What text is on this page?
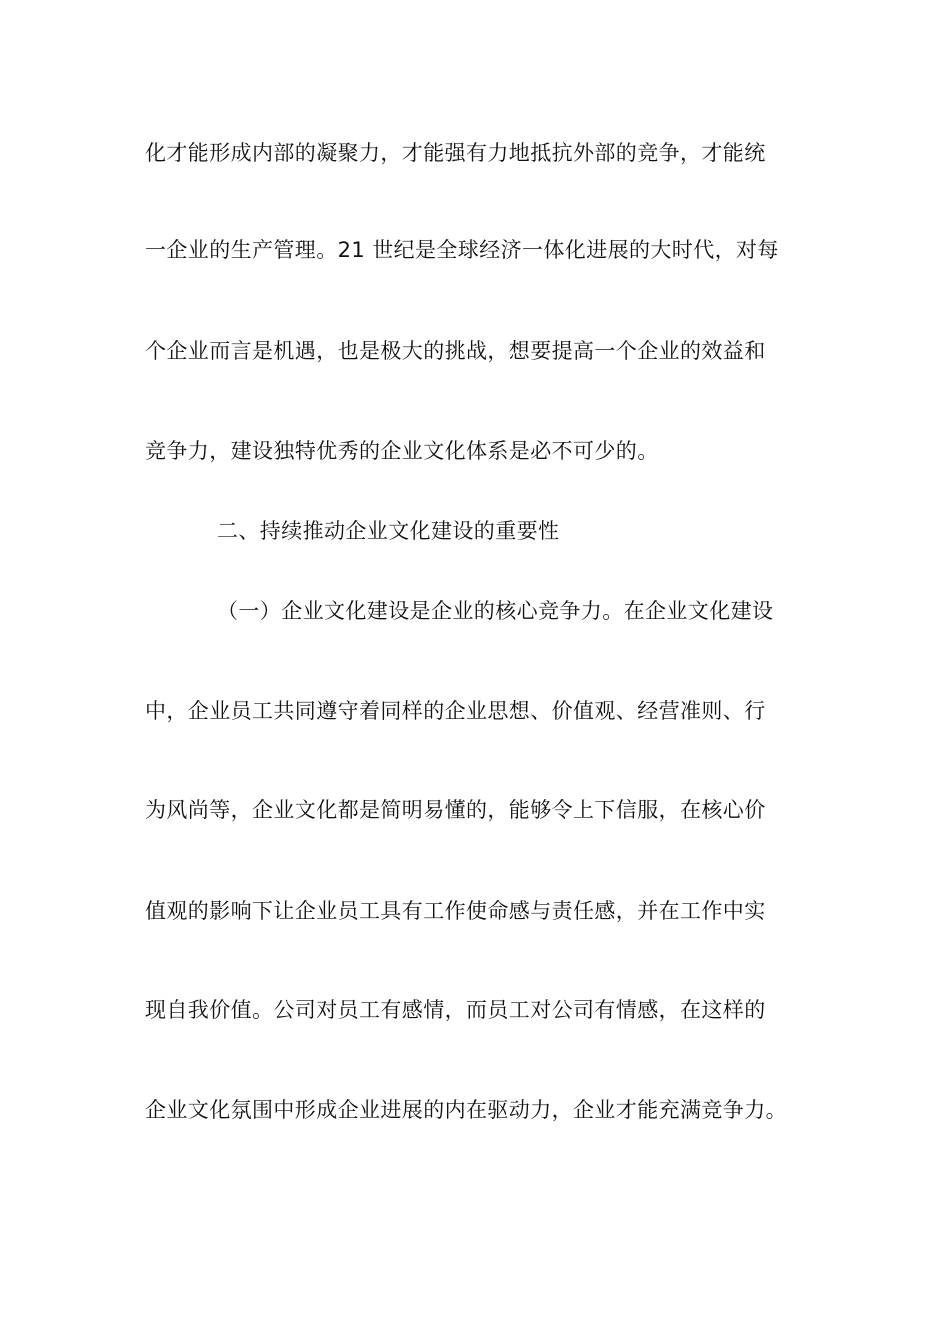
化才能形成内部的凝聚力，才能强有力地抵抗外部的竞争，才能统
一企业的生产管理。21 世纪是全球经济一体化进展的大时代，对每
个企业而言是机遇，也是极大的挑战，想要提高一个企业的效益和
竞争力，建设独特优秀的企业文化体系是必不可少的。
二、持续推动企业文化建设的重要性
（一）企业文化建设是企业的核心竞争力。在企业文化建设
中，企业员工共同遵守着同样的企业思想、价值观、经营准则、行
为风尚等，企业文化都是简明易懂的，能够令上下信服，在核心价
值观的影响下让企业员工具有工作使命感与责任感，并在工作中实
现自我价值。公司对员工有感情，而员工对公司有情感，在这样的
企业文化氛围中形成企业进展的内在驱动力，企业才能充满竞争力。
